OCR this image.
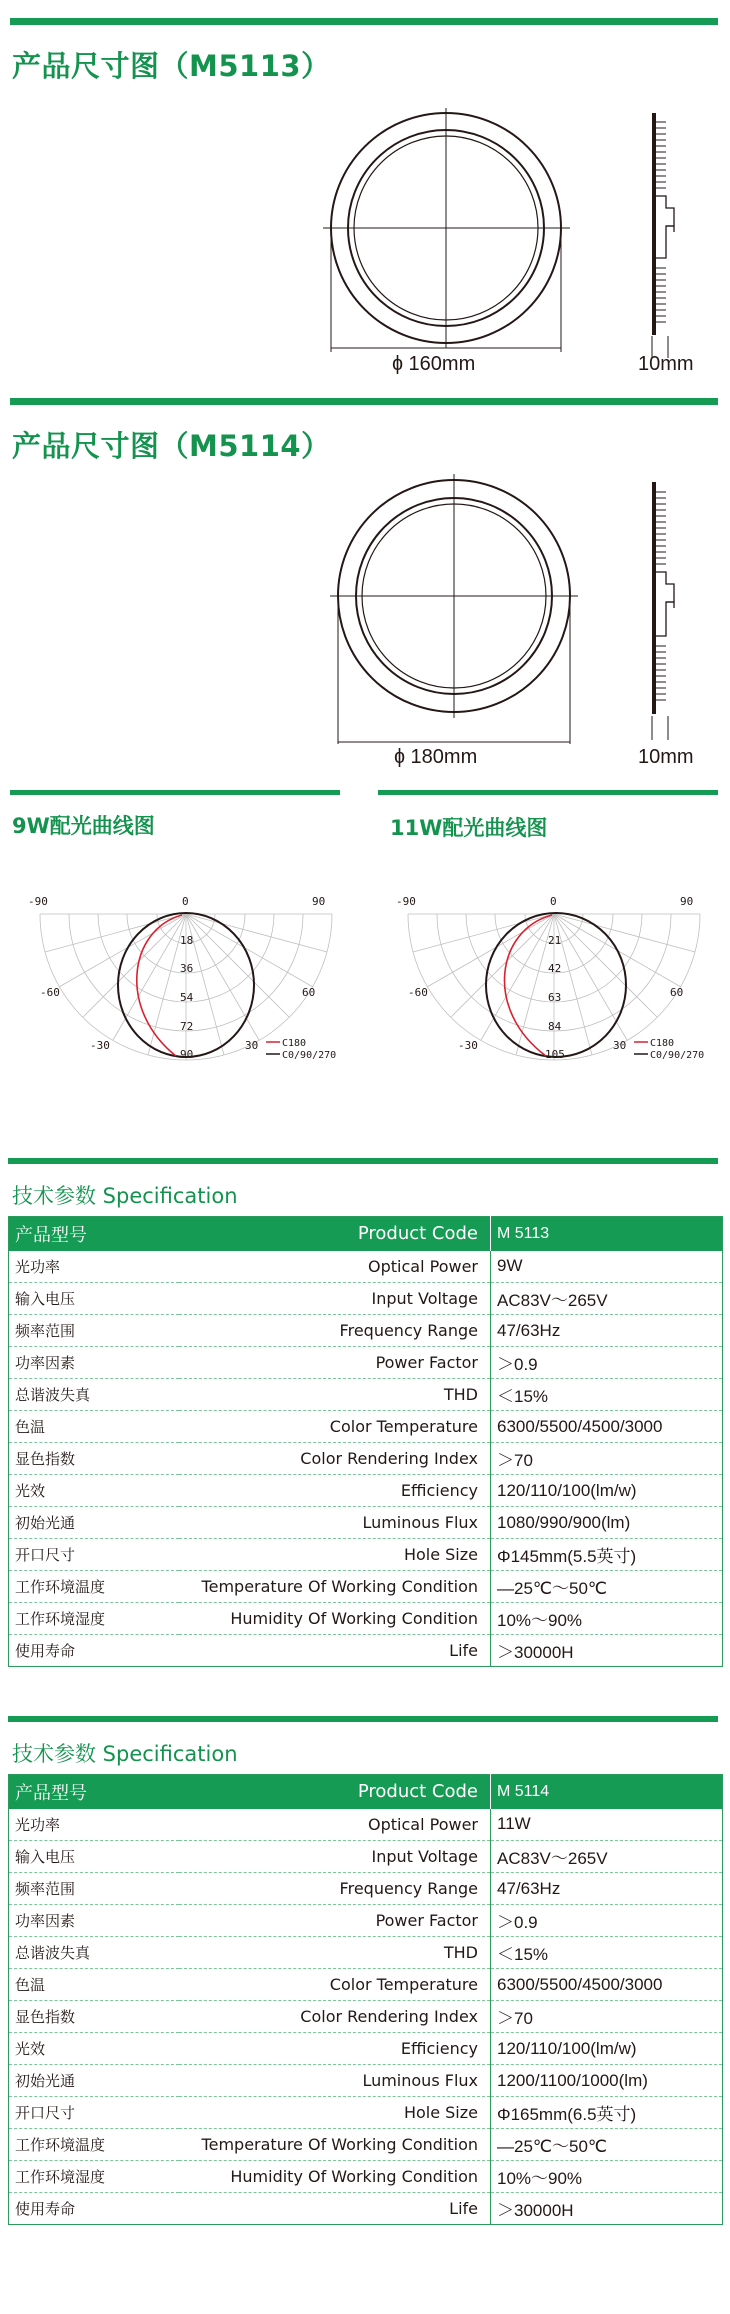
产品尺寸图（M5113）
ɸ 160mm	10mm
产品尺寸图（M5114）
ɸ 180mm	10mm
9W配光曲线图	11W配光曲线图
-90	0	90
-60	60
-30	30
18
36
54
72
90
C180
C0/90/270
-90	0	90
-60	60
-30	30
21
42
63
84
105
C180
C0/90/270
技术参数 Specification
产品型号	Product Code	M 5113
光功率	Optical Power	9W
输入电压	Input Voltage	AC83V～265V
频率范围	Frequency Range	47/63Hz
功率因素	Power Factor	＞0.9
总谐波失真	THD	＜15%
色温	Color Temperature	6300/5500/4500/3000
显色指数	Color Rendering Index	＞70
光效	Efficiency	120/110/100(lm/w)
初始光通	Luminous Flux	1080/990/900(lm)
开口尺寸	Hole Size	Φ145mm(5.5英寸)
工作环境温度	Temperature Of Working Condition	—25℃～50℃
工作环境湿度	Humidity Of Working Condition	10%～90%
使用寿命	Life	＞30000H
技术参数 Specification
产品型号	Product Code	M 5114
光功率	Optical Power	11W
输入电压	Input Voltage	AC83V～265V
频率范围	Frequency Range	47/63Hz
功率因素	Power Factor	＞0.9
总谐波失真	THD	＜15%
色温	Color Temperature	6300/5500/4500/3000
显色指数	Color Rendering Index	＞70
光效	Efficiency	120/110/100(lm/w)
初始光通	Luminous Flux	1200/1100/1000(lm)
开口尺寸	Hole Size	Φ165mm(6.5英寸)
工作环境温度	Temperature Of Working Condition	—25℃～50℃
工作环境湿度	Humidity Of Working Condition	10%～90%
使用寿命	Life	＞30000H
